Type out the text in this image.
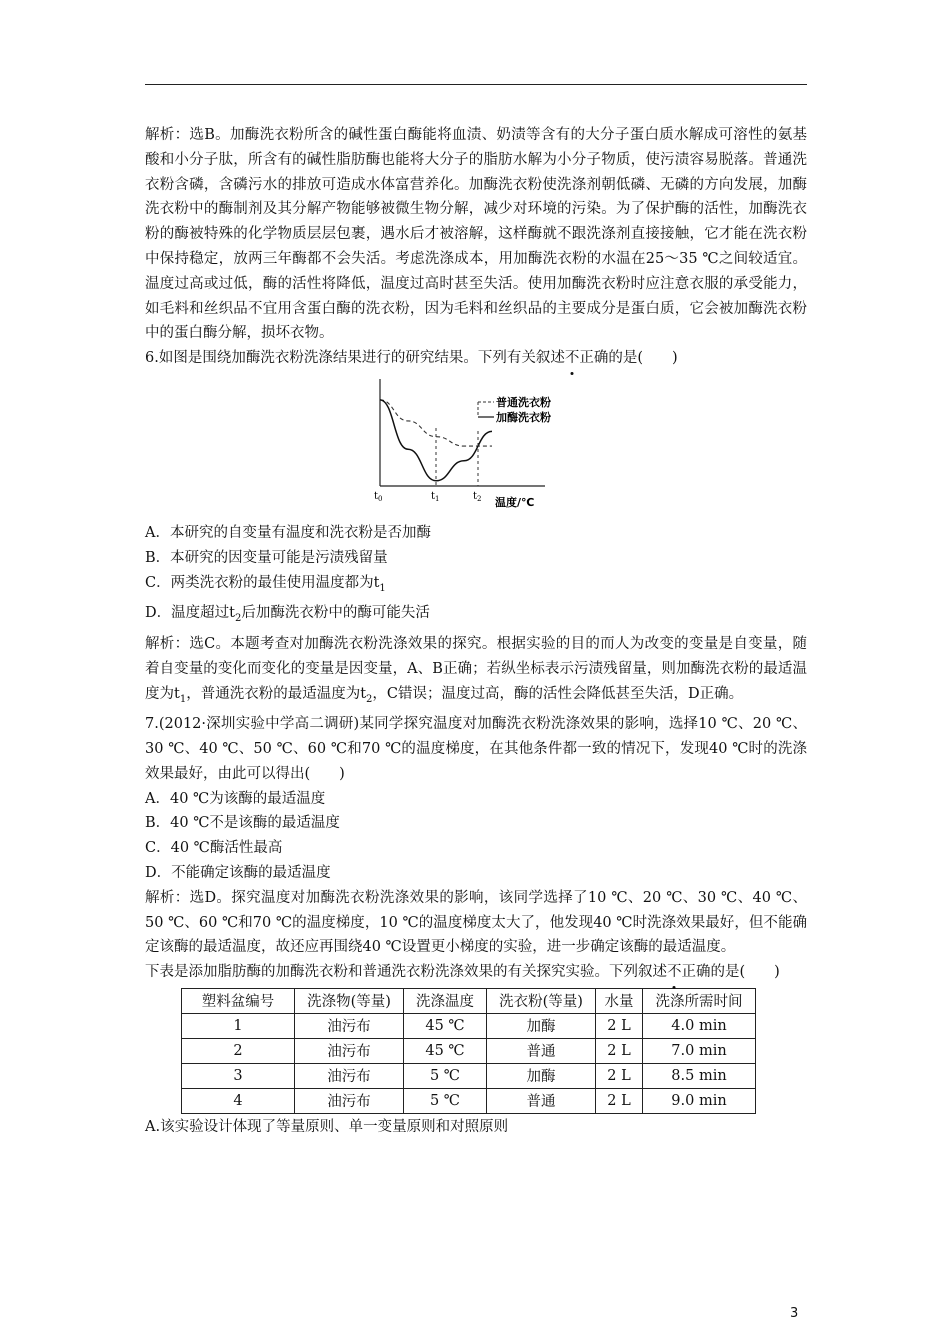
解析：选B。加酶洗衣粉所含的碱性蛋白酶能将血渍、奶渍等含有的大分子蛋白质水解成可溶性的氨基酸和小分子肽，所含有的碱性脂肪酶也能将大分子的脂肪水解为小分子物质，使污渍容易脱落。普通洗衣粉含磷，含磷污水的排放可造成水体富营养化。加酶洗衣粉使洗涤剂朝低磷、无磷的方向发展，加酶洗衣粉中的酶制剂及其分解产物能够被微生物分解，减少对环境的污染。为了保护酶的活性，加酶洗衣粉的酶被特殊的化学物质层层包裹，遇水后才被溶解，这样酶就不跟洗涤剂直接接触，它才能在洗衣粉中保持稳定，放两三年酶都不会失活。考虑洗涤成本，用加酶洗衣粉的水温在25～35 ℃之间较适宜。温度过高或过低，酶的活性将降低，温度过高时甚至失活。使用加酶洗衣粉时应注意衣服的承受能力，如毛料和丝织品不宜用含蛋白酶的洗衣粉，因为毛料和丝织品的主要成分是蛋白质，它会被加酶洗衣粉中的蛋白酶分解，损坏衣物。

6.如图是围绕加酶洗衣粉洗涤结果进行的研究结果。下列有关叙述不正确的是(　　)

$t_0$	$t_1$	$t_2$ 温度/℃
普通洗衣粉
加酶洗衣粉

A．本研究的自变量有温度和洗衣粉是否加酶

B．本研究的因变量可能是污渍残留量

C．两类洗衣粉的最佳使用温度都为$t_1$

D．温度超过$t_2$后加酶洗衣粉中的酶可能失活

解析：选C。本题考查对加酶洗衣粉洗涤效果的探究。根据实验的目的而人为改变的变量是自变量，随着自变量的变化而变化的变量是因变量，A、B正确；若纵坐标表示污渍残留量，则加酶洗衣粉的最适温度为$t_1$，普通洗衣粉的最适温度为$t_2$，C错误；温度过高，酶的活性会降低甚至失活，D正确。

7.(2012·深圳实验中学高二调研)某同学探究温度对加酶洗衣粉洗涤效果的影响，选择10 ℃、20 ℃、30 ℃、40 ℃、50 ℃、60 ℃和70 ℃的温度梯度，在其他条件都一致的情况下，发现40 ℃时的洗涤效果最好，由此可以得出(　　)

A．40 ℃为该酶的最适温度

B．40 ℃不是该酶的最适温度

C．40 ℃酶活性最高

D．不能确定该酶的最适温度

解析：选D。探究温度对加酶洗衣粉洗涤效果的影响，该同学选择了10 ℃、20 ℃、30 ℃、40 ℃、50 ℃、60 ℃和70 ℃的温度梯度，10 ℃的温度梯度太大了，他发现40 ℃时洗涤效果最好，但不能确定该酶的最适温度，故还应再围绕40 ℃设置更小梯度的实验，进一步确定该酶的最适温度。

下表是添加脂肪酶的加酶洗衣粉和普通洗衣粉洗涤效果的有关探究实验。下列叙述不正确的是(　　)

塑料盆编号	洗涤物(等量)	洗涤温度	洗衣粉(等量)	水量	洗涤所需时间
1	油污布	45 ℃	加酶	2 L	4.0 min
2	油污布	45 ℃	普通	2 L	7.0 min
3	油污布	5 ℃	加酶	2 L	8.5 min
4	油污布	5 ℃	普通	2 L	9.0 min

A.该实验设计体现了等量原则、单一变量原则和对照原则

3
